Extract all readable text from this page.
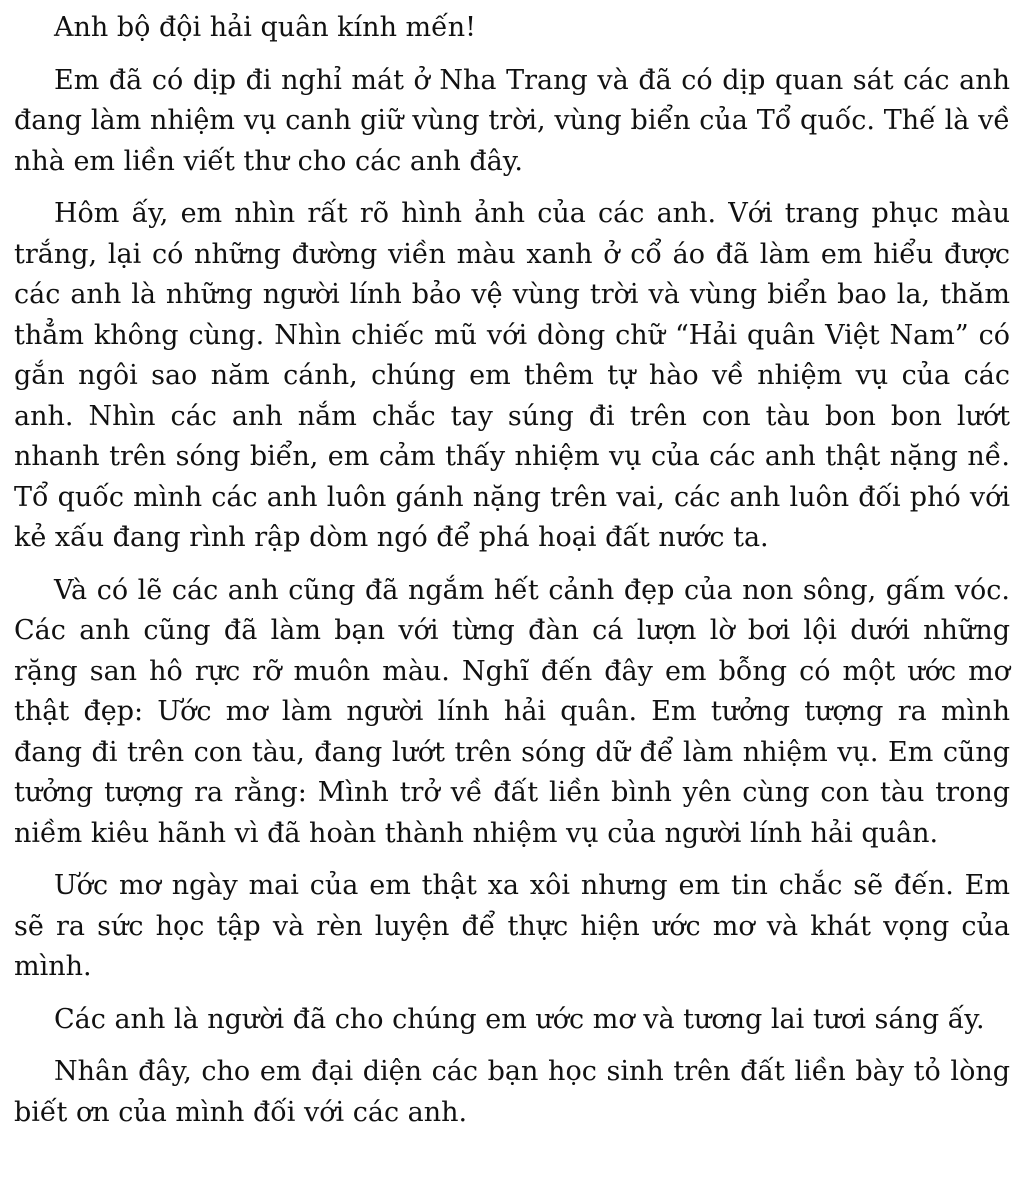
Anh bộ đội hải quân kính mến!

Em đã có dịp đi nghỉ mát ở Nha Trang và đã có dịp quan sát các anh đang làm nhiệm vụ canh giữ vùng trời, vùng biển của Tổ quốc. Thế là về nhà em liền viết thư cho các anh đây.

Hôm ấy, em nhìn rất rõ hình ảnh của các anh. Với trang phục màu trắng, lại có những đường viền màu xanh ở cổ áo đã làm em hiểu được các anh là những người lính bảo vệ vùng trời và vùng biển bao la, thăm thẳm không cùng. Nhìn chiếc mũ với dòng chữ “Hải quân Việt Nam” có gắn ngôi sao năm cánh, chúng em thêm tự hào về nhiệm vụ của các anh. Nhìn các anh nắm chắc tay súng đi trên con tàu bon bon lướt nhanh trên sóng biển, em cảm thấy nhiệm vụ của các anh thật nặng nề. Tổ quốc mình các anh luôn gánh nặng trên vai, các anh luôn đối phó với kẻ xấu đang rình rập dòm ngó để phá hoại đất nước ta.

Và có lẽ các anh cũng đã ngắm hết cảnh đẹp của non sông, gấm vóc. Các anh cũng đã làm bạn với từng đàn cá lượn lờ bơi lội dưới những rặng san hô rực rỡ muôn màu. Nghĩ đến đây em bỗng có một ước mơ thật đẹp: Ước mơ làm người lính hải quân. Em tưởng tượng ra mình đang đi trên con tàu, đang lướt trên sóng dữ để làm nhiệm vụ. Em cũng tưởng tượng ra rằng: Mình trở về đất liền bình yên cùng con tàu trong niềm kiêu hãnh vì đã hoàn thành nhiệm vụ của người lính hải quân.

Ước mơ ngày mai của em thật xa xôi nhưng em tin chắc sẽ đến. Em sẽ ra sức học tập và rèn luyện để thực hiện ước mơ và khát vọng của mình.

Các anh là người đã cho chúng em ước mơ và tương lai tươi sáng ấy.

Nhân đây, cho em đại diện các bạn học sinh trên đất liền bày tỏ lòng biết ơn của mình đối với các anh.
